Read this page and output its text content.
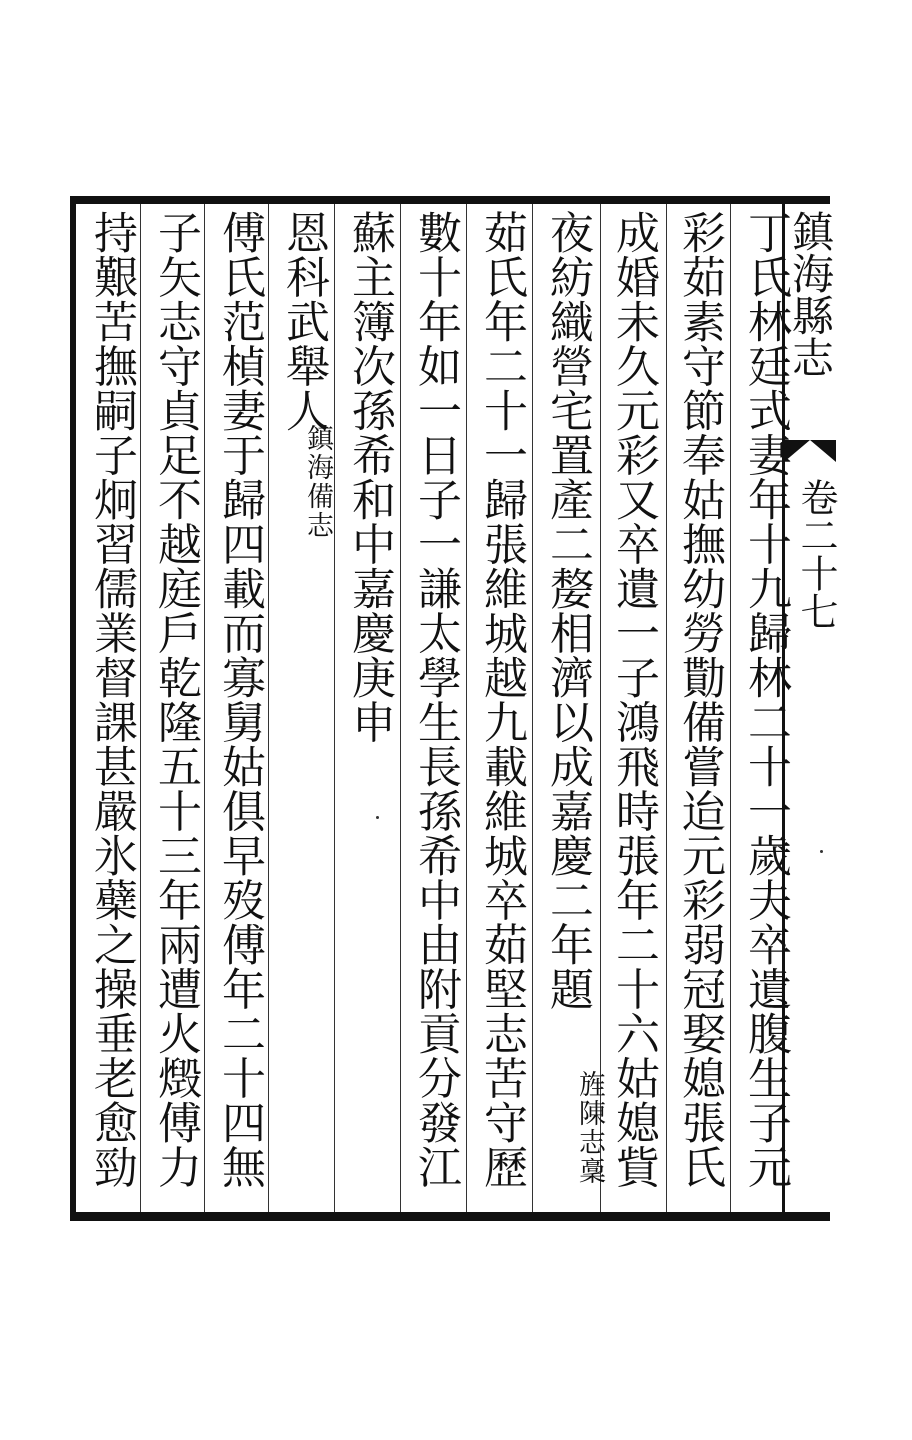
鎮海縣志
卷二十七
丁氏林廷式妻年十九歸林二十一歲夫卒遺腹生子元
彩茹素守節奉姑撫幼勞勩備嘗迨元彩弱冠娶媳張氏
成婚未久元彩又卒遺一子鴻飛時張年二十六姑媳貲
夜紡織營宅置產二嫠相濟以成嘉慶二年題
旌陳志稾
茹氏年二十一歸張維城越九載維城卒茹堅志苦守歷
數十年如一日子一謙太學生長孫希中由附貢分發江
蘇主簿次孫希和中嘉慶庚申
恩科武舉人
鎮海備志
傅氏范楨妻于歸四載而寡舅姑俱早歿傅年二十四無
子矢志守貞足不越庭戶乾隆五十三年兩遭火燬傅力
持艱苦撫嗣子炯習儒業督課甚嚴氷蘗之操垂老愈勁
